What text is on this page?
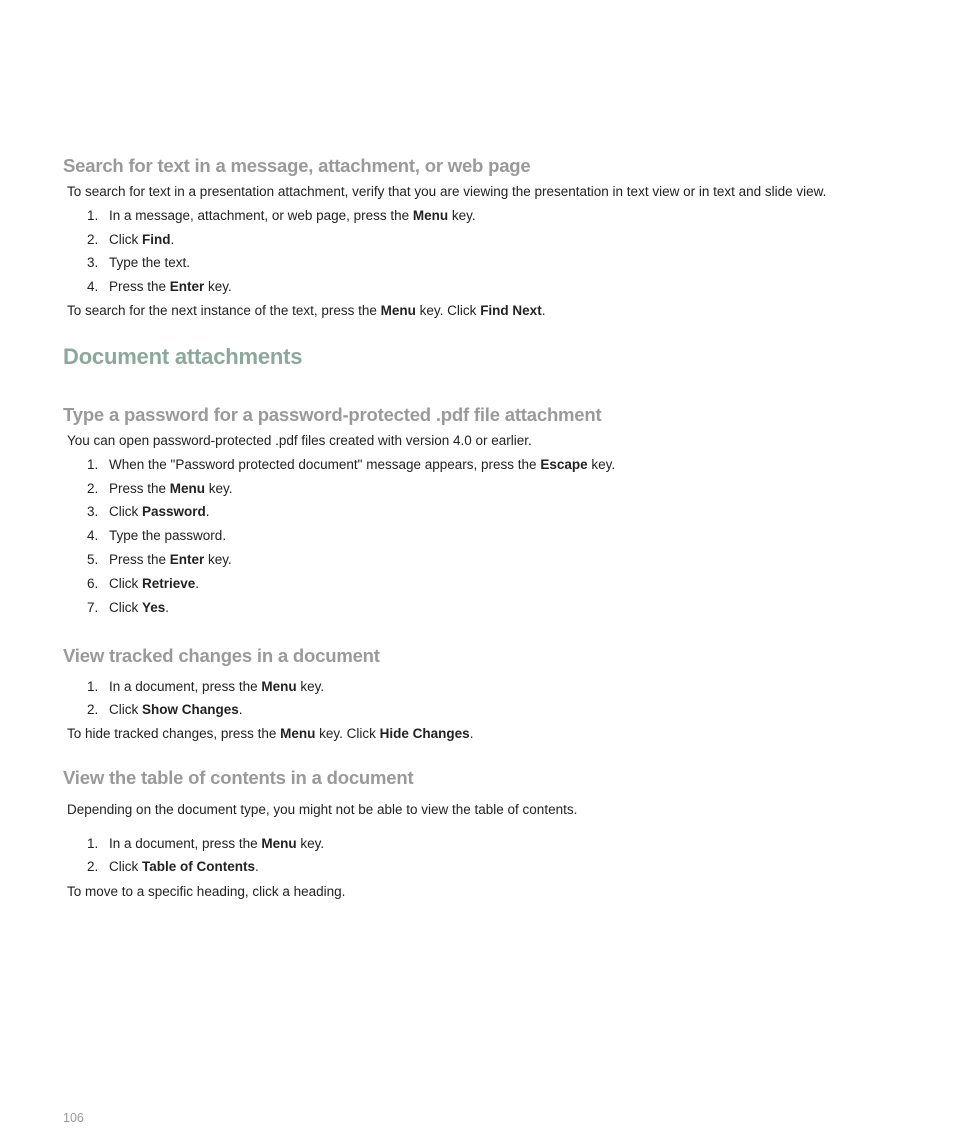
Search for text in a message, attachment, or web page

To search for text in a presentation attachment, verify that you are viewing the presentation in text view or in text and slide view.

1. In a message, attachment, or web page, press the Menu key.

2. Click Find.

3. Type the text.

4. Press the Enter key.

To search for the next instance of the text, press the Menu key. Click Find Next.

Document attachments
Type a password for a password-protected .pdf file attachment

You can open password-protected .pdf files created with version 4.0 or earlier.

1. When the "Password protected document" message appears, press the Escape key.

2. Press the Menu key.

3. Click Password.

4. Type the password.

5. Press the Enter key.

6. Click Retrieve.

7. Click Yes.

View tracked changes in a document

1. In a document, press the Menu key.

2. Click Show Changes.

To hide tracked changes, press the Menu key. Click Hide Changes.

View the table of contents in a document

Depending on the document type, you might not be able to view the table of contents.

1. In a document, press the Menu key.

2. Click Table of Contents.

To move to a specific heading, click a heading.

106
